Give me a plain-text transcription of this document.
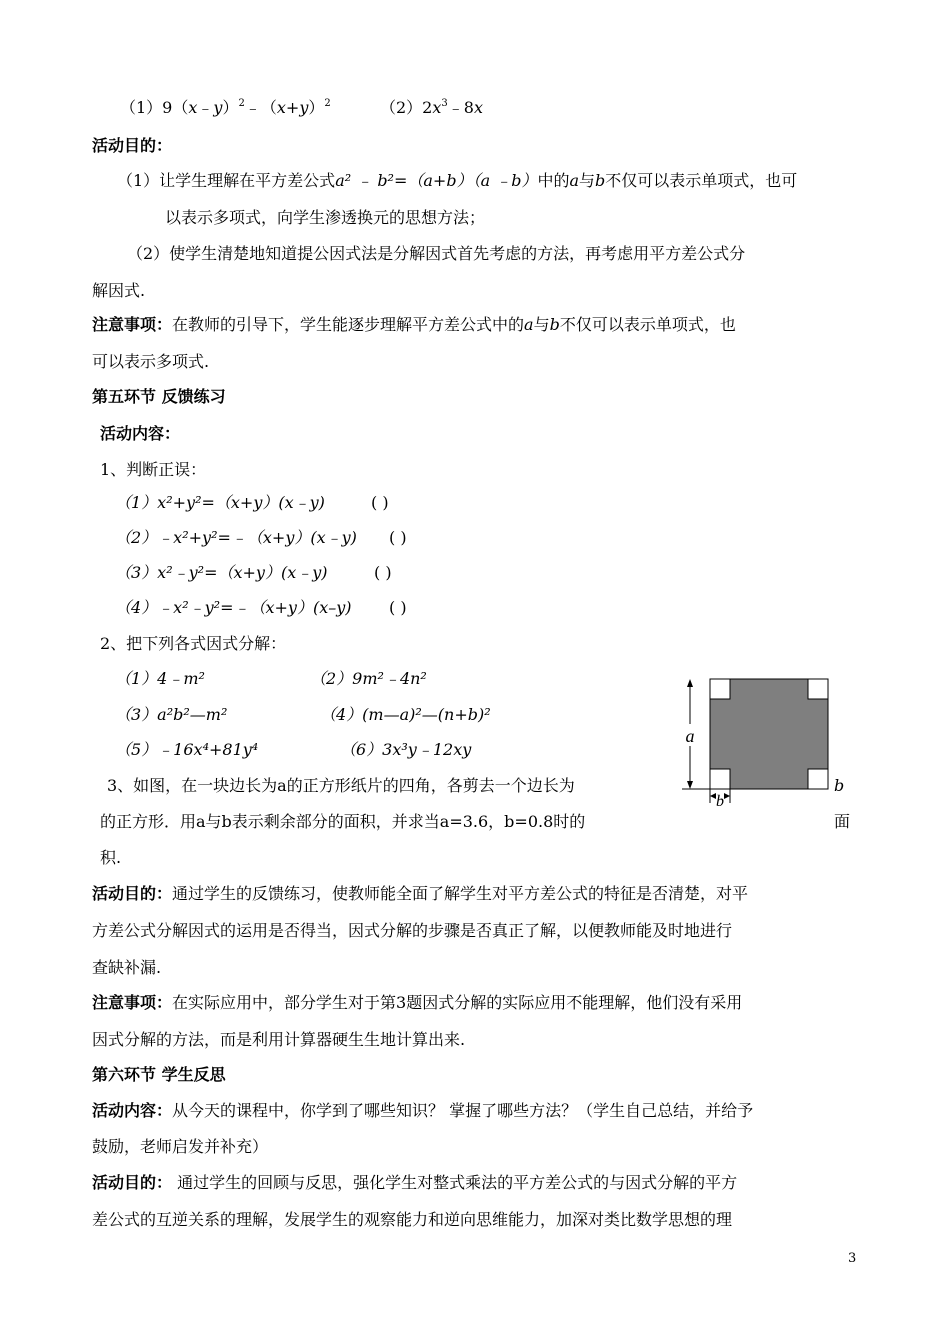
$(1)9(x﹣y)^2﹣(x+y)^2$	$(2)2x^3﹣8x$
活动目的：
（1）让学生理解在平方差公式a² ﹣ b²=（a+b）（a ﹣b）中的a与b不仅可以表示单项式，也可
以表示多项式，向学生渗透换元的思想方法；
（2）使学生清楚地知道提公因式法是分解因式首先考虑的方法，再考虑用平方差公式分
解因式.
注意事项：在教师的引导下，学生能逐步理解平方差公式中的a与b不仅可以表示单项式，也
可以表示多项式.
第五环节 反馈练习
活动内容：
1、判断正误：
（1）x²+y²=（x+y）(x﹣y)	( )
（2）﹣x²+y²=﹣（x+y）(x﹣y) ( )
（3）x²﹣y²=（x+y）(x﹣y)	( )
（4）﹣x²﹣y²=﹣（x+y）(x–y) ( )
2、把下列各式因式分解：
（1）4﹣m²	（2）9m²﹣4n²
（3）a²b²—m²	（4）(m—a)²—(n+b)²
（5）﹣16x⁴+81y⁴	（6）3x³y﹣12xy
3、如图，在一块边长为a的正方形纸片的四角，各剪去一个边长为	b
的正方形．用a与b表示剩余部分的面积，并求当a=3.6，b=0.8时的	面
积.
a
b
活动目的：通过学生的反馈练习，使教师能全面了解学生对平方差公式的特征是否清楚，对平
方差公式分解因式的运用是否得当，因式分解的步骤是否真正了解，以便教师能及时地进行
查缺补漏.
注意事项：在实际应用中，部分学生对于第3题因式分解的实际应用不能理解，他们没有采用
因式分解的方法，而是利用计算器硬生生地计算出来.
第六环节 学生反思
活动内容：从今天的课程中，你学到了哪些知识？ 掌握了哪些方法？（学生自己总结，并给予
鼓励，老师启发并补充）
活动目的： 通过学生的回顾与反思，强化学生对整式乘法的平方差公式的与因式分解的平方
差公式的互逆关系的理解，发展学生的观察能力和逆向思维能力，加深对类比数学思想的理
3
